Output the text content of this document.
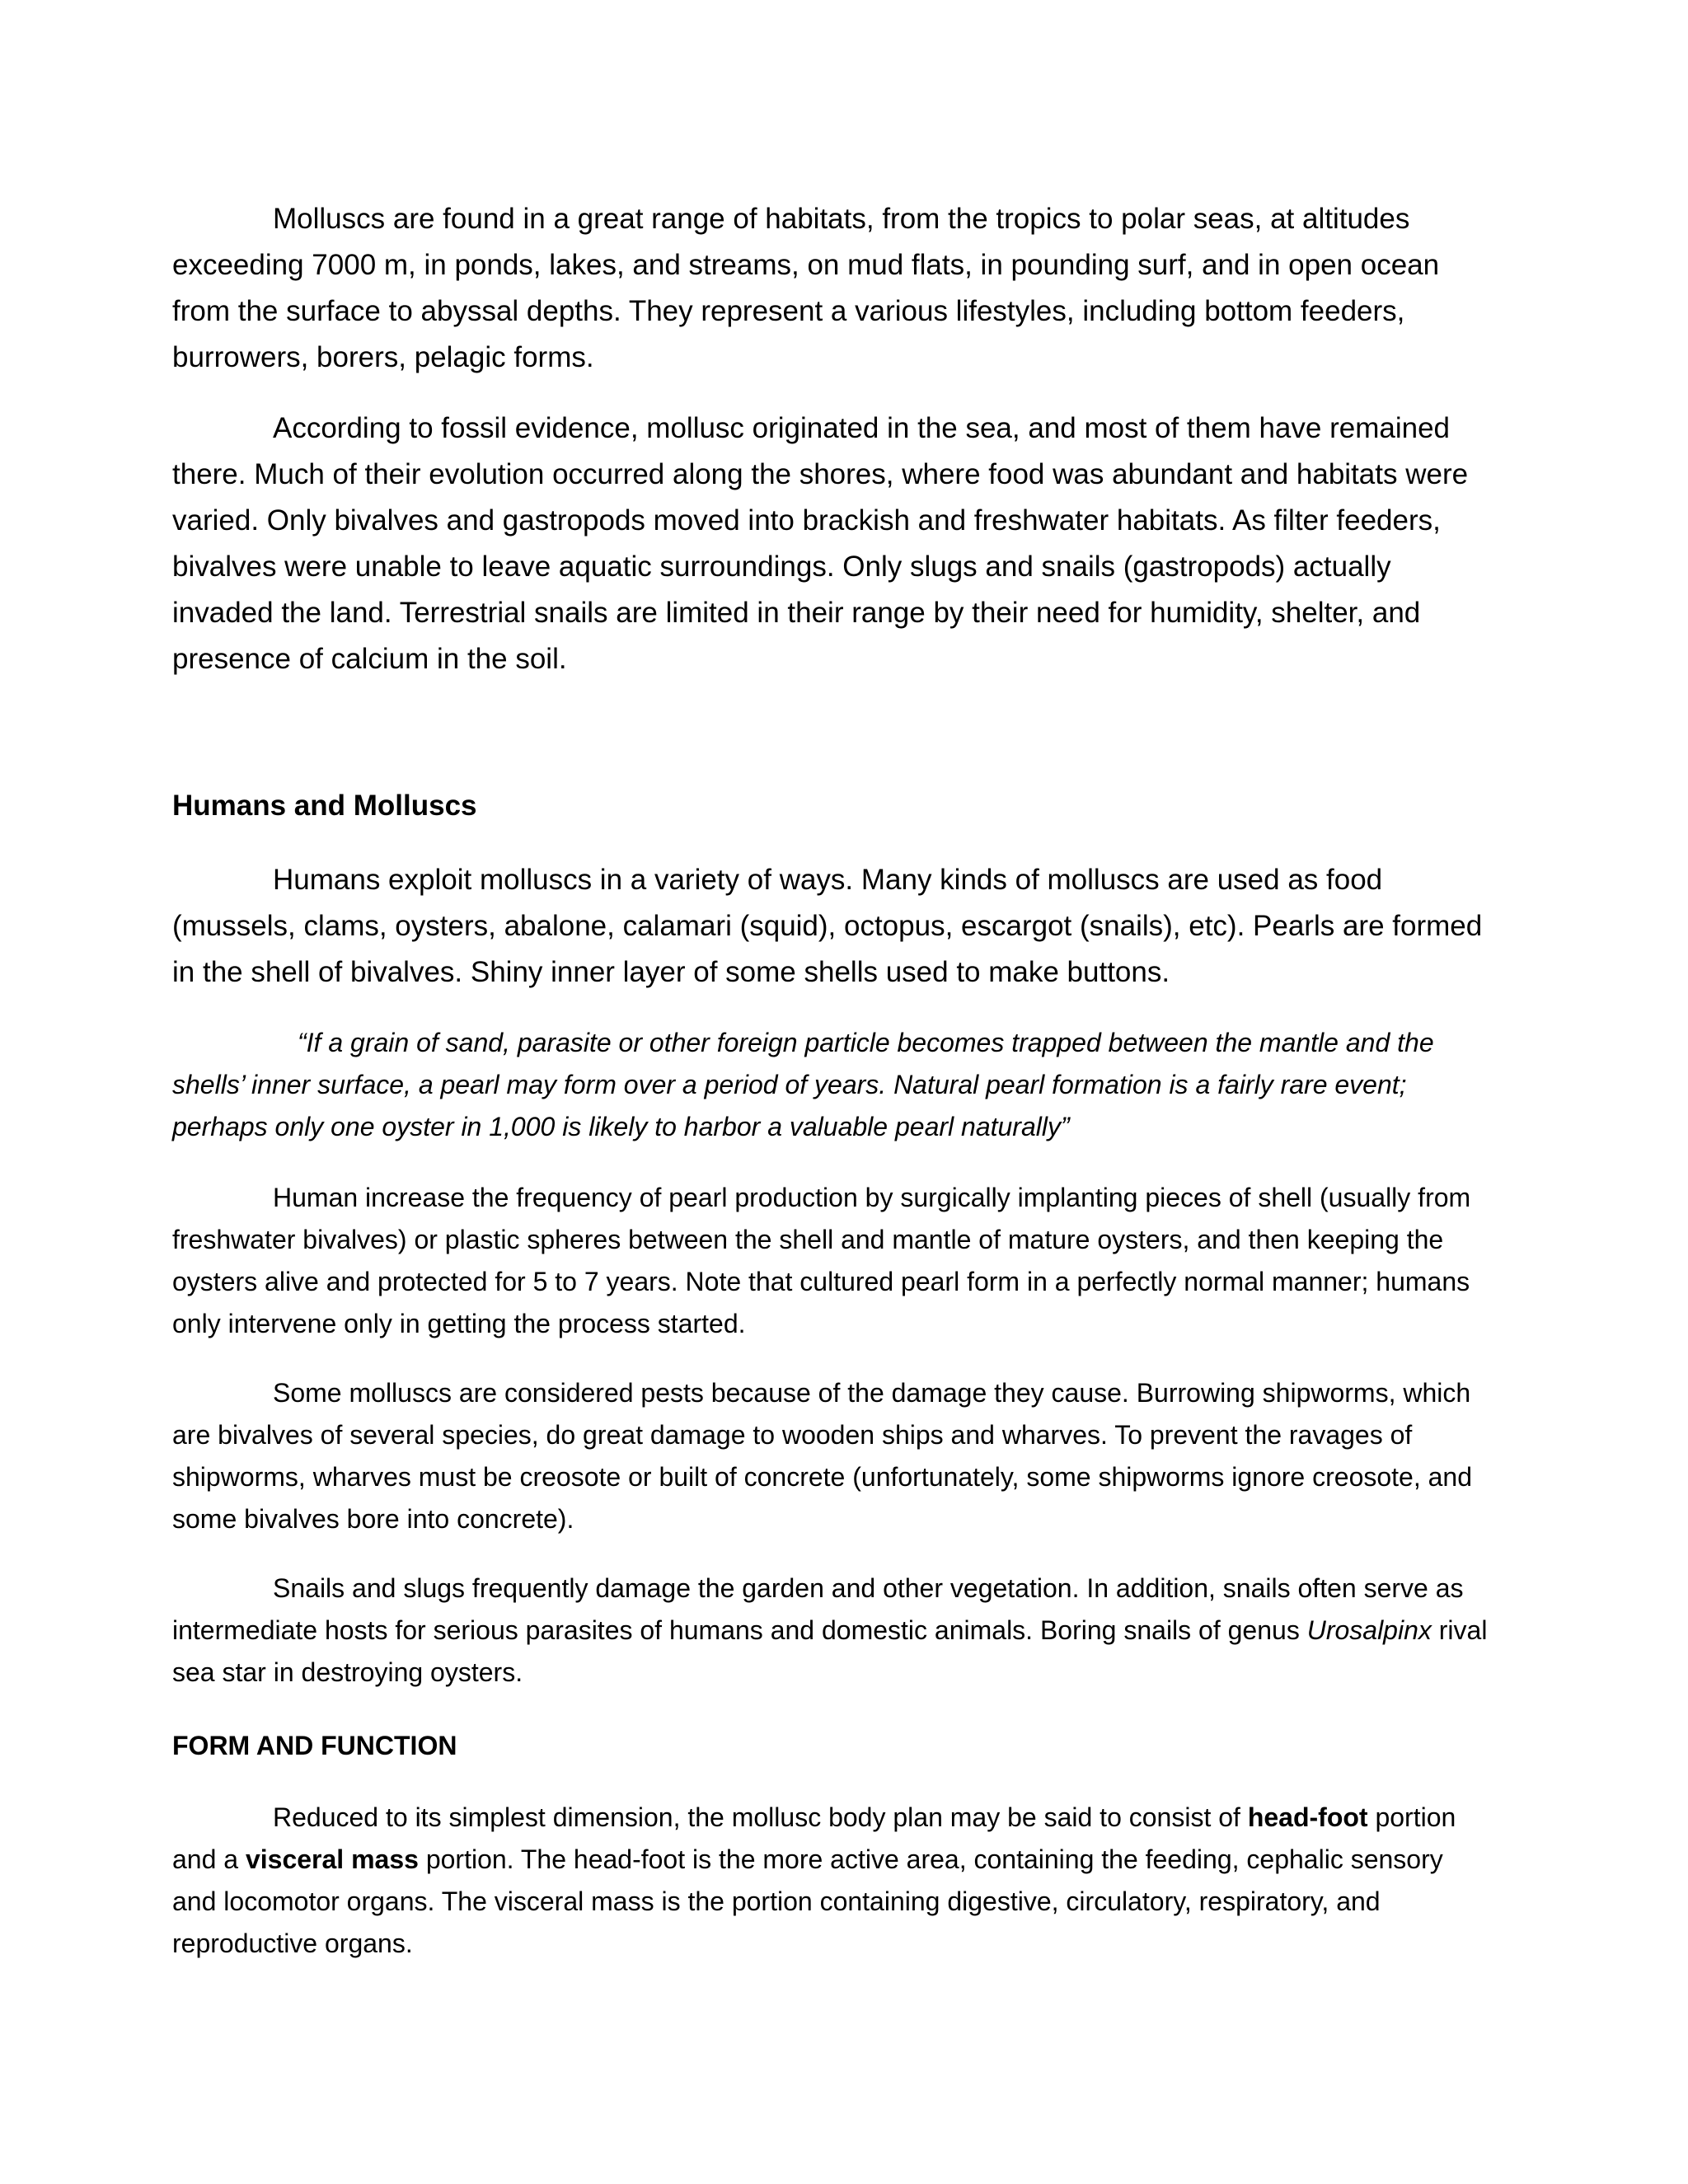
Molluscs are found in a great range of habitats, from the tropics to polar seas, at altitudes exceeding 7000 m, in ponds, lakes, and streams, on mud flats, in pounding surf, and in open ocean from the surface to abyssal depths. They represent a various lifestyles, including bottom feeders, burrowers, borers, pelagic forms.

According to fossil evidence, mollusc originated in the sea, and most of them have remained there. Much of their evolution occurred along the shores, where food was abundant and habitats were varied. Only bivalves and gastropods moved into brackish and freshwater habitats. As filter feeders, bivalves were unable to leave aquatic surroundings. Only slugs and snails (gastropods) actually invaded the land. Terrestrial snails are limited in their range by their need for humidity, shelter, and presence of calcium in the soil.

Humans and Molluscs

Humans exploit molluscs in a variety of ways. Many kinds of molluscs are used as food (mussels, clams, oysters, abalone, calamari (squid), octopus, escargot (snails), etc). Pearls are formed in the shell of bivalves. Shiny inner layer of some shells used to make buttons.

“If a grain of sand, parasite or other foreign particle becomes trapped between the mantle and the shells’ inner surface, a pearl may form over a period of years. Natural pearl formation is a fairly rare event; perhaps only one oyster in 1,000 is likely to harbor a valuable pearl naturally”

Human increase the frequency of pearl production by surgically implanting pieces of shell (usually from freshwater bivalves) or plastic spheres between the shell and mantle of mature oysters, and then keeping the oysters alive and protected for 5 to 7 years. Note that cultured pearl form in a perfectly normal manner; humans only intervene only in getting the process started.

Some molluscs are considered pests because of the damage they cause. Burrowing shipworms, which are bivalves of several species, do great damage to wooden ships and wharves. To prevent the ravages of shipworms, wharves must be creosote or built of concrete (unfortunately, some shipworms ignore creosote, and some bivalves bore into concrete).

Snails and slugs frequently damage the garden and other vegetation. In addition, snails often serve as intermediate hosts for serious parasites of humans and domestic animals. Boring snails of genus Urosalpinx rival sea star in destroying oysters.

FORM AND FUNCTION

Reduced to its simplest dimension, the mollusc body plan may be said to consist of head-foot portion and a visceral mass portion. The head-foot is the more active area, containing the feeding, cephalic sensory and locomotor organs. The visceral mass is the portion containing digestive, circulatory, respiratory, and reproductive organs.
